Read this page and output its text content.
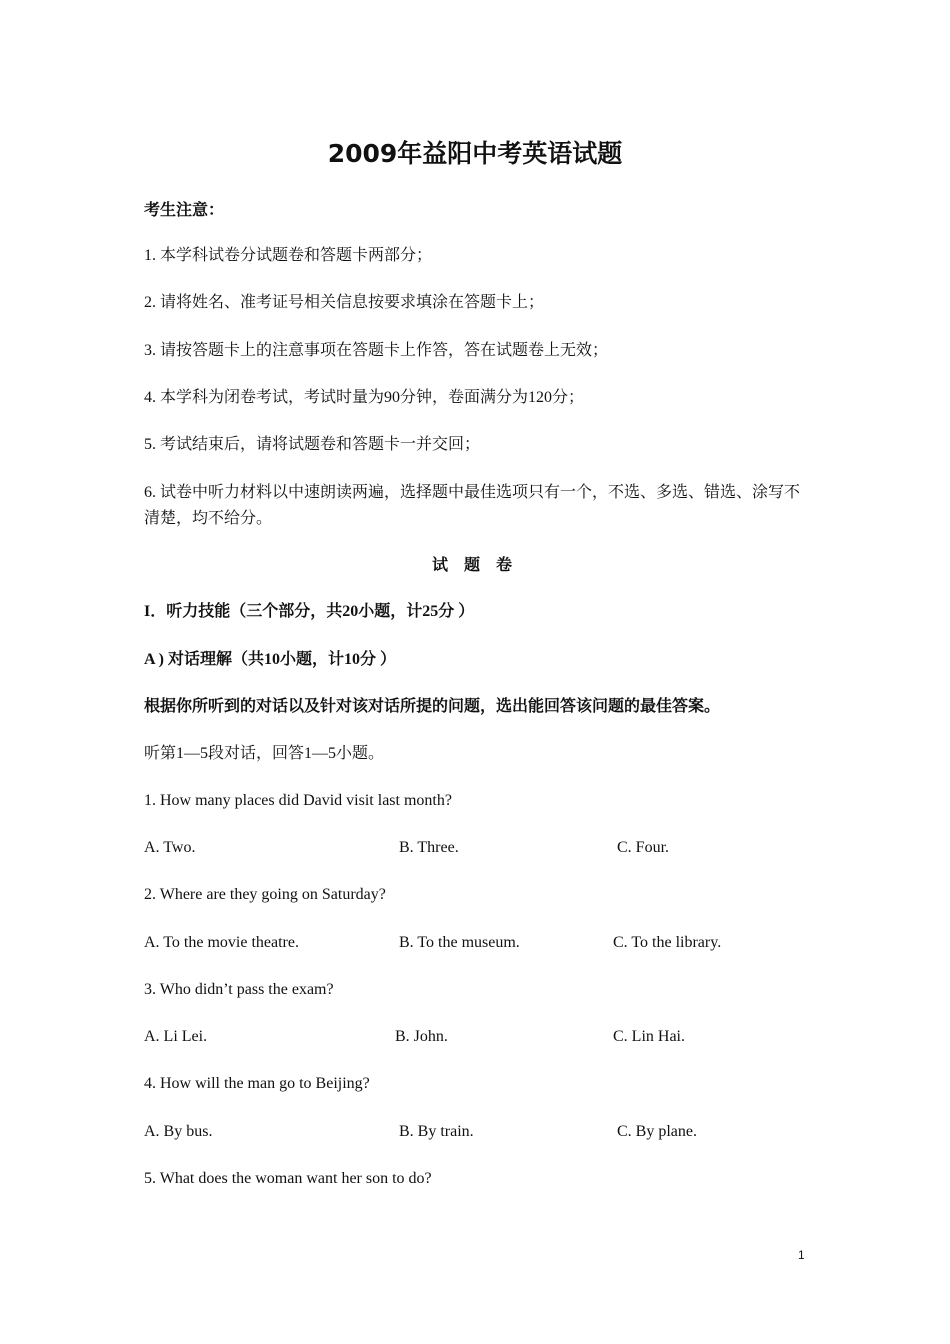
2009年益阳中考英语试题
考生注意：
1. 本学科试卷分试题卷和答题卡两部分；
2. 请将姓名、准考证号相关信息按要求填涂在答题卡上；
3. 请按答题卡上的注意事项在答题卡上作答，答在试题卷上无效；
4. 本学科为闭卷考试，考试时量为90分钟，卷面满分为120分；
5. 考试结束后，请将试题卷和答题卡一并交回；
6. 试卷中听力材料以中速朗读两遍，选择题中最佳选项只有一个，不选、多选、错选、涂写不清楚，均不给分。
试 题 卷
I．听力技能（三个部分，共20小题，计25分 ）
A ) 对话理解（共10小题，计10分 ）
根据你所听到的对话以及针对该对话所提的问题，选出能回答该问题的最佳答案。
听第1—5段对话，回答1—5小题。
1. How many places did David visit last month?
A. Two.	B. Three.	C. Four.
2. Where are they going on Saturday?
A. To the movie theatre.	B. To the museum.	C. To the library.
3. Who didn’t pass the exam?
A. Li Lei.	B. John.	C. Lin Hai.
4. How will the man go to Beijing?
A. By bus.	B. By train.	C. By plane.
5. What does the woman want her son to do?
1
